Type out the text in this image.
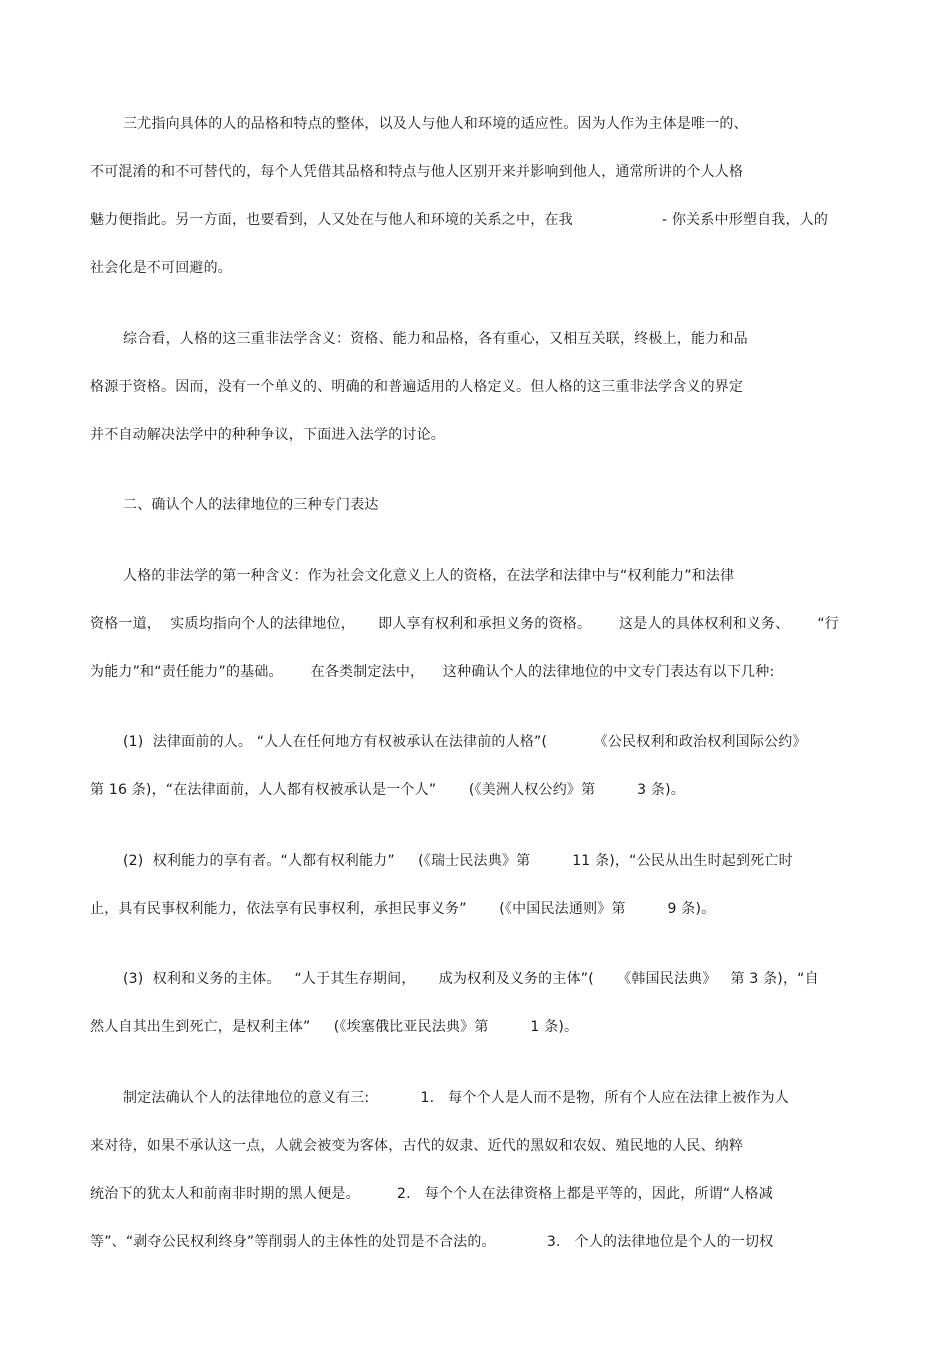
三尤指向具体的人的品格和特点的整体，以及人与他人和环境的适应性。因为人作为主体是唯一的、
不可混淆的和不可替代的，每个人凭借其品格和特点与他人区别开来并影响到他人，通常所讲的个人人格
魅力便指此。另一方面，也要看到，人又处在与他人和环境的关系之中，在我	- 你关系中形塑自我，人的
社会化是不可回避的。
综合看，人格的这三重非法学含义：资格、能力和品格，各有重心，又相互关联，终极上，能力和品
格源于资格。因而，没有一个单义的、明确的和普遍适用的人格定义。但人格的这三重非法学含义的界定
并不自动解决法学中的种种争议，下面进入法学的讨论。
二、确认个人的法律地位的三种专门表达
人格的非法学的第一种含义：作为社会文化意义上人的资格，在法学和法律中与“权利能力”和法律
资格一道，  实质均指向个人的法律地位，     即人享有权利和承担义务的资格。      这是人的具体权利和义务、      “行
为能力”和“责任能力”的基础。      在各类制定法中，    这种确认个人的法律地位的中文专门表达有以下几种:
(1)  法律面前的人。 “人人在任何地方有权被承认在法律前的人格”(          《公民权利和政治权利国际公约》
第 16 条)，“在法律面前，人人都有权被承认是一个人”       (《美洲人权公约》第         3 条)。
(2)  权利能力的享有者。“人都有权利能力”     (《瑞士民法典》第         11 条)，“公民从出生时起到死亡时
止，具有民事权利能力，依法享有民事权利，承担民事义务”       (《中国民法通则》第         9 条)。
(3)  权利和义务的主体。   “人于其生存期间，     成为权利及义务的主体”(     《韩国民法典》   第 3 条)，“自
然人自其出生到死亡，是权利主体”     (《埃塞俄比亚民法典》第         1 条)。
制定法确认个人的法律地位的意义有三:           1.   每个个人是人而不是物，所有个人应在法律上被作为人
来对待，如果不承认这一点，人就会被变为客体，古代的奴隶、近代的黑奴和农奴、殖民地的人民、纳粹
统治下的犹太人和前南非时期的黑人便是。        2.   每个个人在法律资格上都是平等的，因此，所谓“人格减
等”、“剥夺公民权利终身”等削弱人的主体性的处罚是不合法的。           3.   个人的法律地位是个人的一切权
